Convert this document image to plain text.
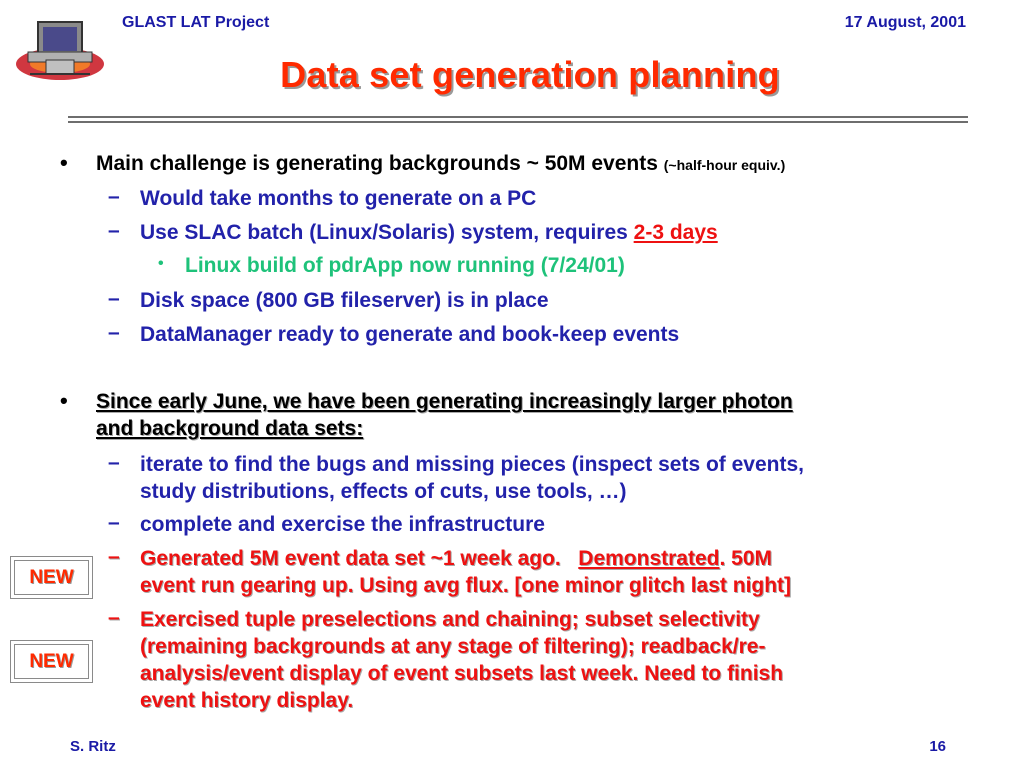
GLAST LAT Project	17 August, 2001
Data set generation planning
• Main challenge is generating backgrounds ~ 50M events (~half-hour equiv.)
– Would take months to generate on a PC
– Use SLAC batch (Linux/Solaris) system, requires 2-3 days
• Linux build of pdrApp now running (7/24/01)
– Disk space (800 GB fileserver) is in place
– DataManager ready to generate and book-keep events
• Since early June, we have been generating increasingly larger photon
and background data sets:
– iterate to find the bugs and missing pieces (inspect sets of events,
study distributions, effects of cuts, use tools, …)
– complete and exercise the infrastructure
– Generated 5M event data set ~1 week ago. Demonstrated. 50M
event run gearing up. Using avg flux. [one minor glitch last night]
– Exercised tuple preselections and chaining; subset selectivity
(remaining backgrounds at any stage of filtering); readback/re-
analysis/event display of event subsets last week. Need to finish
event history display.
NEW
NEW
S. Ritz	16
